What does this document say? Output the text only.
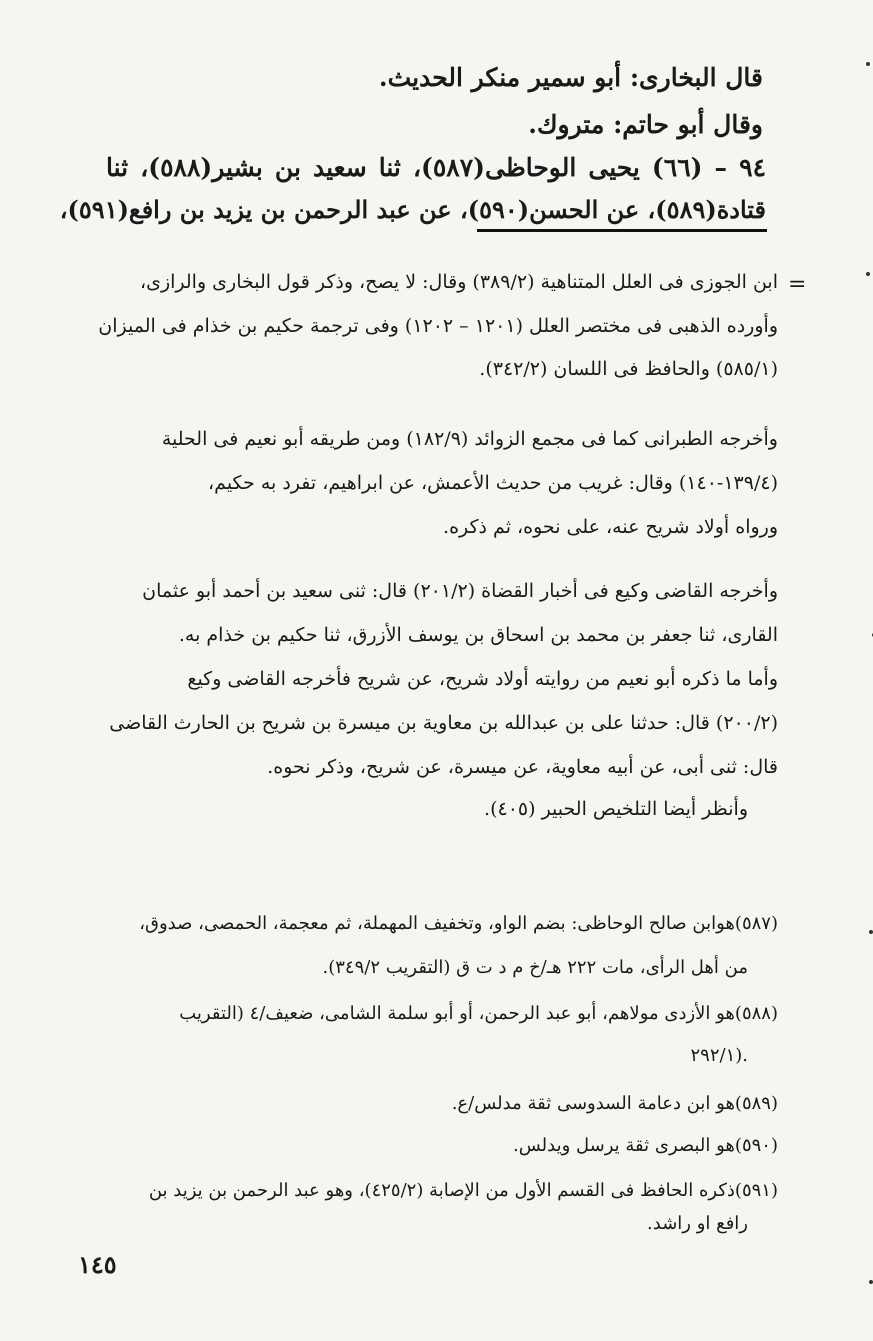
قال البخارى: أبو سمير منكر الحديث.
وقال أبو حاتم: متروك.
٩٤ – (٦٦) يحيى الوحاظى(٥٨٧)، ثنا سعيد بن بشير(٥٨٨)، ثنا
قتادة(٥٨٩)، عن الحسن(٥٩٠)، عن عبد الرحمن بن يزيد بن رافع(٥٩١)،
=
ابن الجوزى فى العلل المتناهية (٣٨٩/٢) وقال: لا يصح، وذكر قول البخارى والرازى،
وأورده الذهبى فى مختصر العلل (١٢٠١ – ١٢٠٢) وفى ترجمة حكيم بن خذام فى الميزان
(٥٨٥/١) والحافظ فى اللسان (٣٤٢/٢).
وأخرجه الطبرانى كما فى مجمع الزوائد (١٨٢/٩) ومن طريقه أبو نعيم فى الحلية
(١٣٩/٤-١٤٠) وقال: غريب من حديث الأعمش، عن ابراهيم، تفرد به حكيم،
ورواه أولاد شريح عنه، على نحوه، ثم ذكره.
وأخرجه القاضى وكيع فى أخبار القضاة (٢٠١/٢) قال: ثنى سعيد بن أحمد أبو عثمان
القارى، ثنا جعفر بن محمد بن اسحاق بن يوسف الأزرق، ثنا حكيم بن خذام به.
وأما ما ذكره أبو نعيم من روايته أولاد شريح، عن شريح فأخرجه القاضى وكيع
(٢٠٠/٢) قال: حدثنا على بن عبدالله بن معاوية بن ميسرة بن شريح بن الحارث القاضى
قال: ثنى أبى، عن أبيه معاوية، عن ميسرة، عن شريح، وذكر نحوه.
وأنظر أيضا التلخيص الحبير (٤٠٥).
(٥٨٧)هوابن صالح الوحاظى: بضم الواو، وتخفيف المهملة، ثم معجمة، الحمصى، صدوق،
من أهل الرأى، مات ٢٢٢ هـ/خ م د ت ق (التقريب ٣٤٩/٢).
(٥٨٨)هو الأزدى مولاهم، أبو عبد الرحمن، أو أبو سلمة الشامى، ضعيف/٤ (التقريب
٢٩٢/١).
(٥٨٩)هو ابن دعامة السدوسى ثقة مدلس/ع.
(٥٩٠)هو البصرى ثقة يرسل ويدلس.
(٥٩١)ذكره الحافظ فى القسم الأول من الإصابة (٤٢٥/٢)، وهو عبد الرحمن بن يزيد بن
رافع او راشد.
١٤٥
